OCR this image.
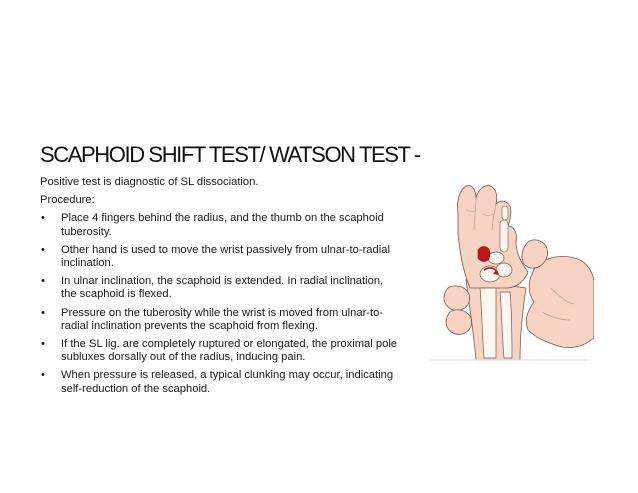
SCAPHOID SHIFT TEST/ WATSON TEST -
Positive test is diagnostic of SL dissociation.
Procedure:
• Place 4 fingers behind the radius, and the thumb on the scaphoid tuberosity.
• Other hand is used to move the wrist passively from ulnar-to-radial inclination.
• In ulnar inclination, the scaphoid is extended. In radial inclination, the scaphoid is flexed.
• Pressure on the tuberosity while the wrist is moved from ulnar-to-radial inclination prevents the scaphoid from flexing.
• If the SL lig. are completely ruptured or elongated, the proximal pole subluxes dorsally out of the radius, inducing pain.
• When pressure is released, a typical clunking may occur, indicating self-reduction of the scaphoid.
